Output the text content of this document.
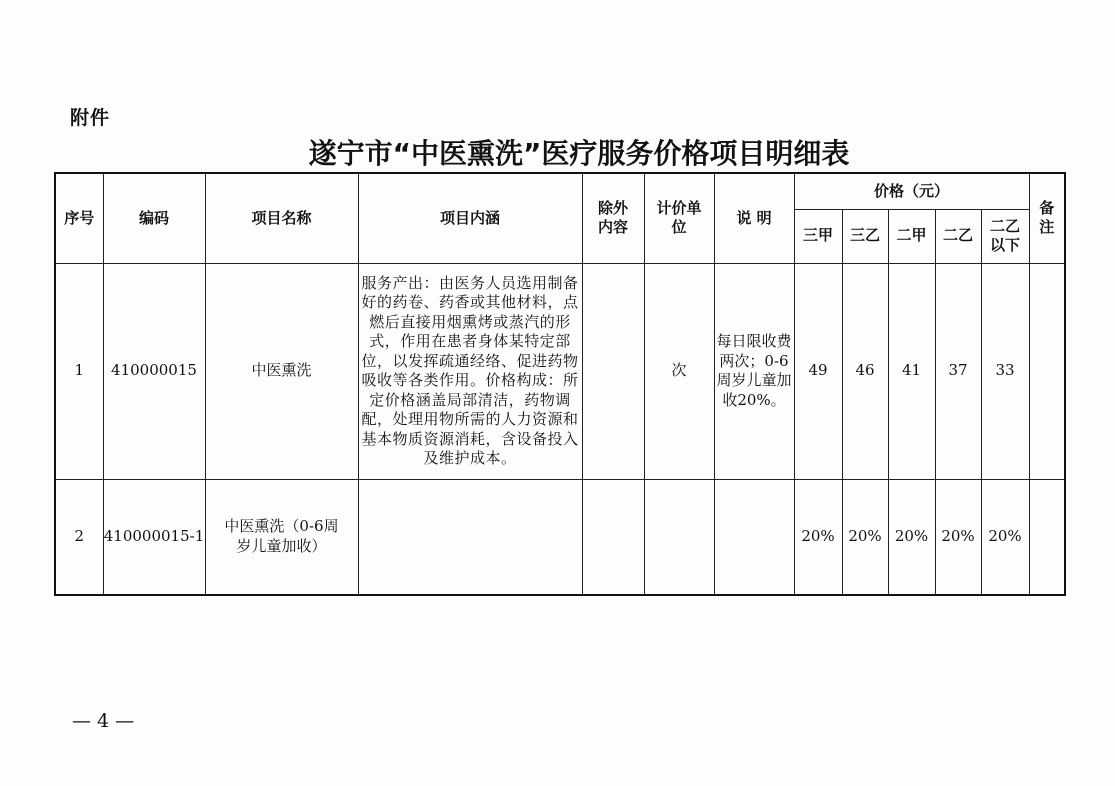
附件
遂宁市“中医熏洗”医疗服务价格项目明细表
序号	编码	项目名称	项目内涵	除外内容	计价单位	说 明	价格（元）					备注
							三甲	三乙	二甲	二乙	二乙以下	
1	410000015	中医熏洗	服务产出：由医务人员选用制备好的药卷、药香或其他材料，点燃后直接用烟熏烤或蒸汽的形式，作用在患者身体某特定部位，以发挥疏通经络、促进药物吸收等各类作用。价格构成：所定价格涵盖局部清洁，药物调配，处理用物所需的人力资源和基本物质资源消耗，含设备投入及维护成本。		次	每日限收费两次；0-6周岁儿童加收20%。	49	46	41	37	33	
2	410000015-1	中医熏洗（0-6周岁儿童加收）					20%	20%	20%	20%	20%	
— 4 —
